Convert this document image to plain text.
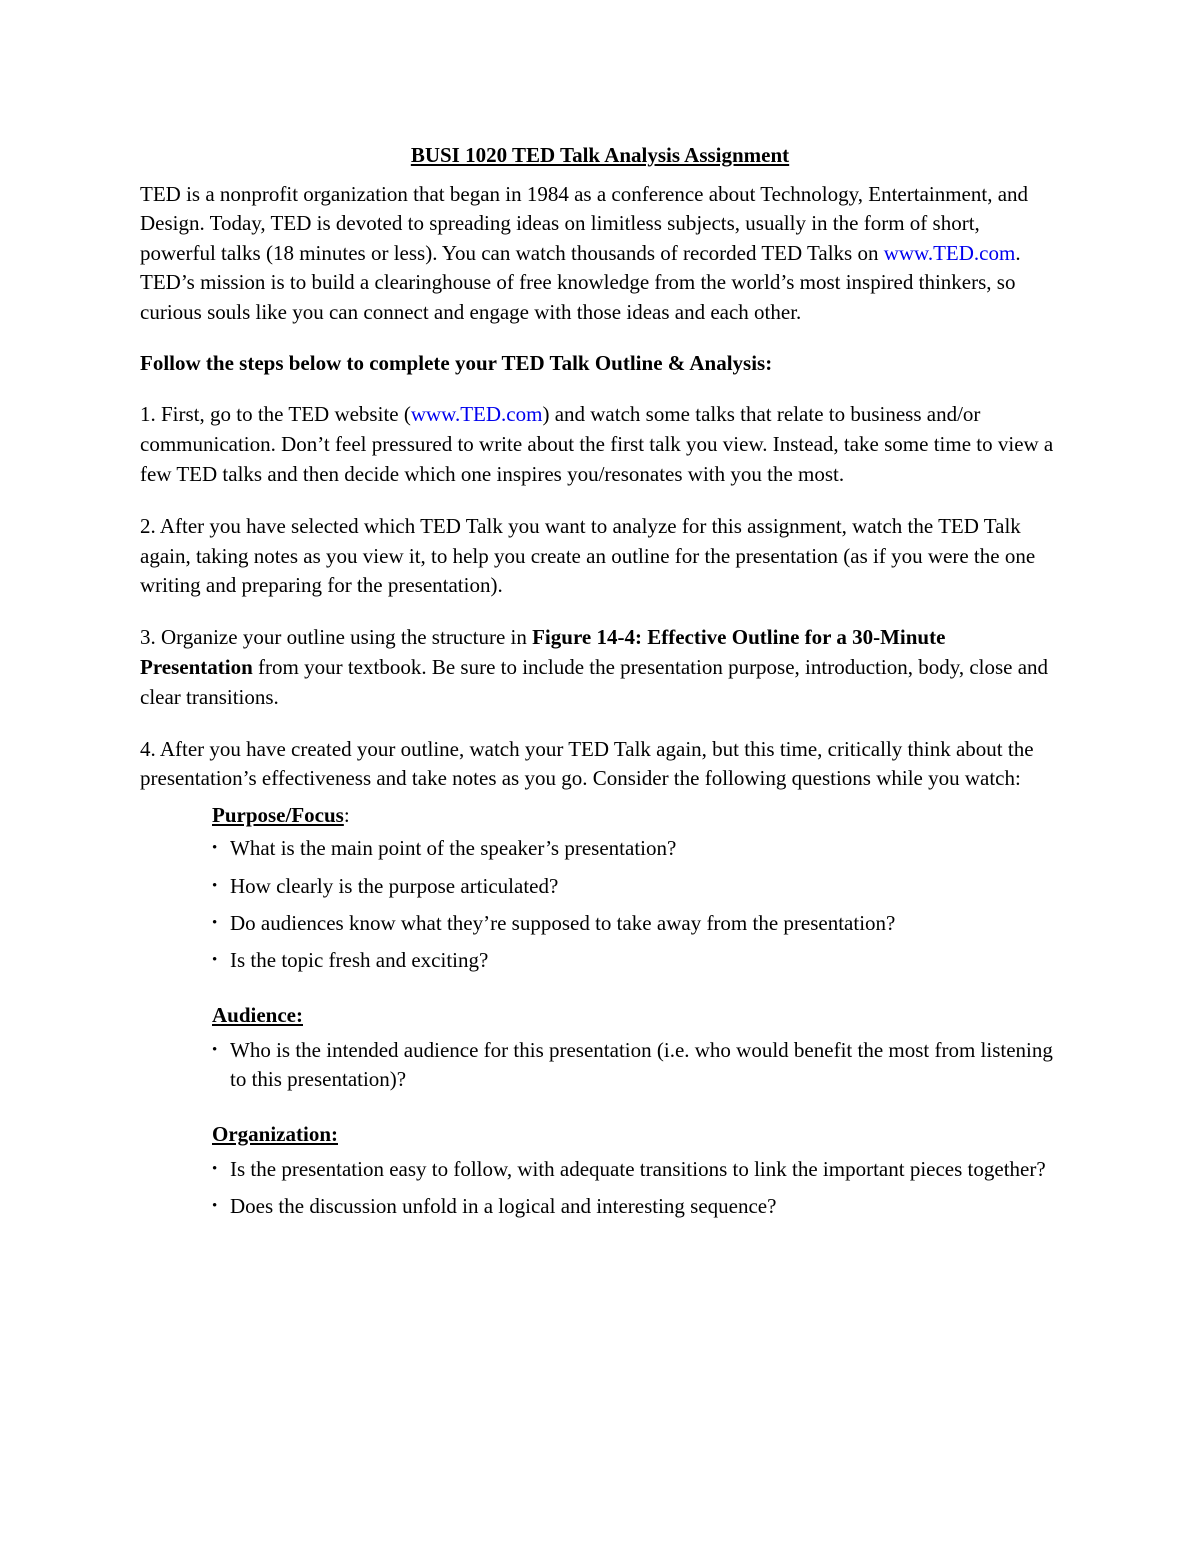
BUSI 1020 TED Talk Analysis Assignment

TED is a nonprofit organization that began in 1984 as a conference about Technology, Entertainment, and Design. Today, TED is devoted to spreading ideas on limitless subjects, usually in the form of short, powerful talks (18 minutes or less). You can watch thousands of recorded TED Talks on www.TED.com. TED’s mission is to build a clearinghouse of free knowledge from the world’s most inspired thinkers, so curious souls like you can connect and engage with those ideas and each other.

Follow the steps below to complete your TED Talk Outline & Analysis:

1. First, go to the TED website (www.TED.com) and watch some talks that relate to business and/or communication. Don’t feel pressured to write about the first talk you view. Instead, take some time to view a few TED talks and then decide which one inspires you/resonates with you the most.

2. After you have selected which TED Talk you want to analyze for this assignment, watch the TED Talk again, taking notes as you view it, to help you create an outline for the presentation (as if you were the one writing and preparing for the presentation).

3. Organize your outline using the structure in Figure 14-4: Effective Outline for a 30-Minute Presentation from your textbook. Be sure to include the presentation purpose, introduction, body, close and clear transitions.

4. After you have created your outline, watch your TED Talk again, but this time, critically think about the presentation’s effectiveness and take notes as you go. Consider the following questions while you watch:

Purpose/Focus:

• What is the main point of the speaker’s presentation?
• How clearly is the purpose articulated?
• Do audiences know what they’re supposed to take away from the presentation?
• Is the topic fresh and exciting?

Audience:

• Who is the intended audience for this presentation (i.e. who would benefit the most from listening to this presentation)?

Organization:

• Is the presentation easy to follow, with adequate transitions to link the important pieces together?
• Does the discussion unfold in a logical and interesting sequence?
